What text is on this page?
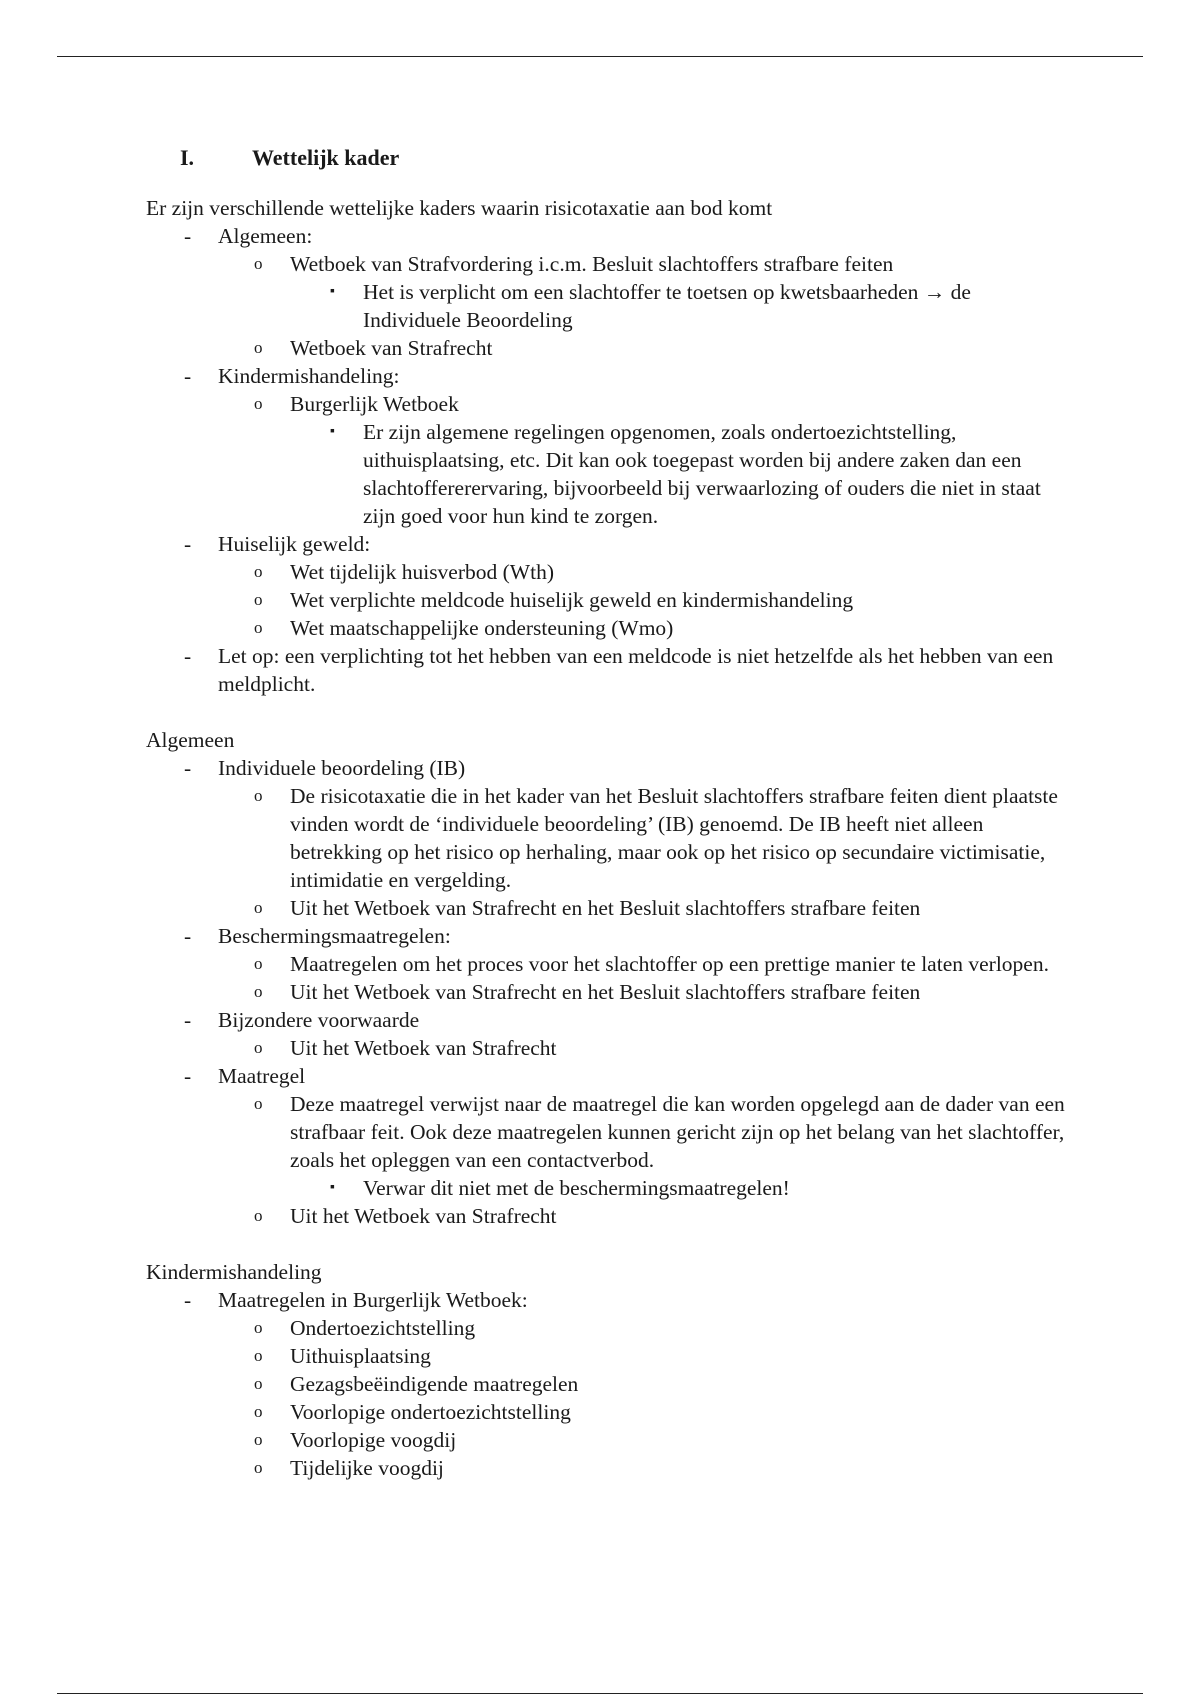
I.	Wettelijk kader

Er zijn verschillende wettelijke kaders waarin risicotaxatie aan bod komt

- Algemeen:
o Wetboek van Strafvordering i.c.m. Besluit slachtoffers strafbare feiten
▪ Het is verplicht om een slachtoffer te toetsen op kwetsbaarheden → de Individuele Beoordeling
o Wetboek van Strafrecht
- Kindermishandeling:
o Burgerlijk Wetboek
▪ Er zijn algemene regelingen opgenomen, zoals ondertoezichtstelling, uithuisplaatsing, etc. Dit kan ook toegepast worden bij andere zaken dan een slachtoffererervaring, bijvoorbeeld bij verwaarlozing of ouders die niet in staat zijn goed voor hun kind te zorgen.
- Huiselijk geweld:
o Wet tijdelijk huisverbod (Wth)
o Wet verplichte meldcode huiselijk geweld en kindermishandeling
o Wet maatschappelijke ondersteuning (Wmo)
- Let op: een verplichting tot het hebben van een meldcode is niet hetzelfde als het hebben van een meldplicht.

Algemeen

- Individuele beoordeling (IB)
o De risicotaxatie die in het kader van het Besluit slachtoffers strafbare feiten dient plaatste vinden wordt de ‘individuele beoordeling’ (IB) genoemd. De IB heeft niet alleen betrekking op het risico op herhaling, maar ook op het risico op secundaire victimisatie, intimidatie en vergelding.
o Uit het Wetboek van Strafrecht en het Besluit slachtoffers strafbare feiten
- Beschermingsmaatregelen:
o Maatregelen om het proces voor het slachtoffer op een prettige manier te laten verlopen.
o Uit het Wetboek van Strafrecht en het Besluit slachtoffers strafbare feiten
- Bijzondere voorwaarde
o Uit het Wetboek van Strafrecht
- Maatregel
o Deze maatregel verwijst naar de maatregel die kan worden opgelegd aan de dader van een strafbaar feit. Ook deze maatregelen kunnen gericht zijn op het belang van het slachtoffer, zoals het opleggen van een contactverbod.
▪ Verwar dit niet met de beschermingsmaatregelen!
o Uit het Wetboek van Strafrecht

Kindermishandeling

- Maatregelen in Burgerlijk Wetboek:
o Ondertoezichtstelling
o Uithuisplaatsing
o Gezagsbeëindigende maatregelen
o Voorlopige ondertoezichtstelling
o Voorlopige voogdij
o Tijdelijke voogdij
